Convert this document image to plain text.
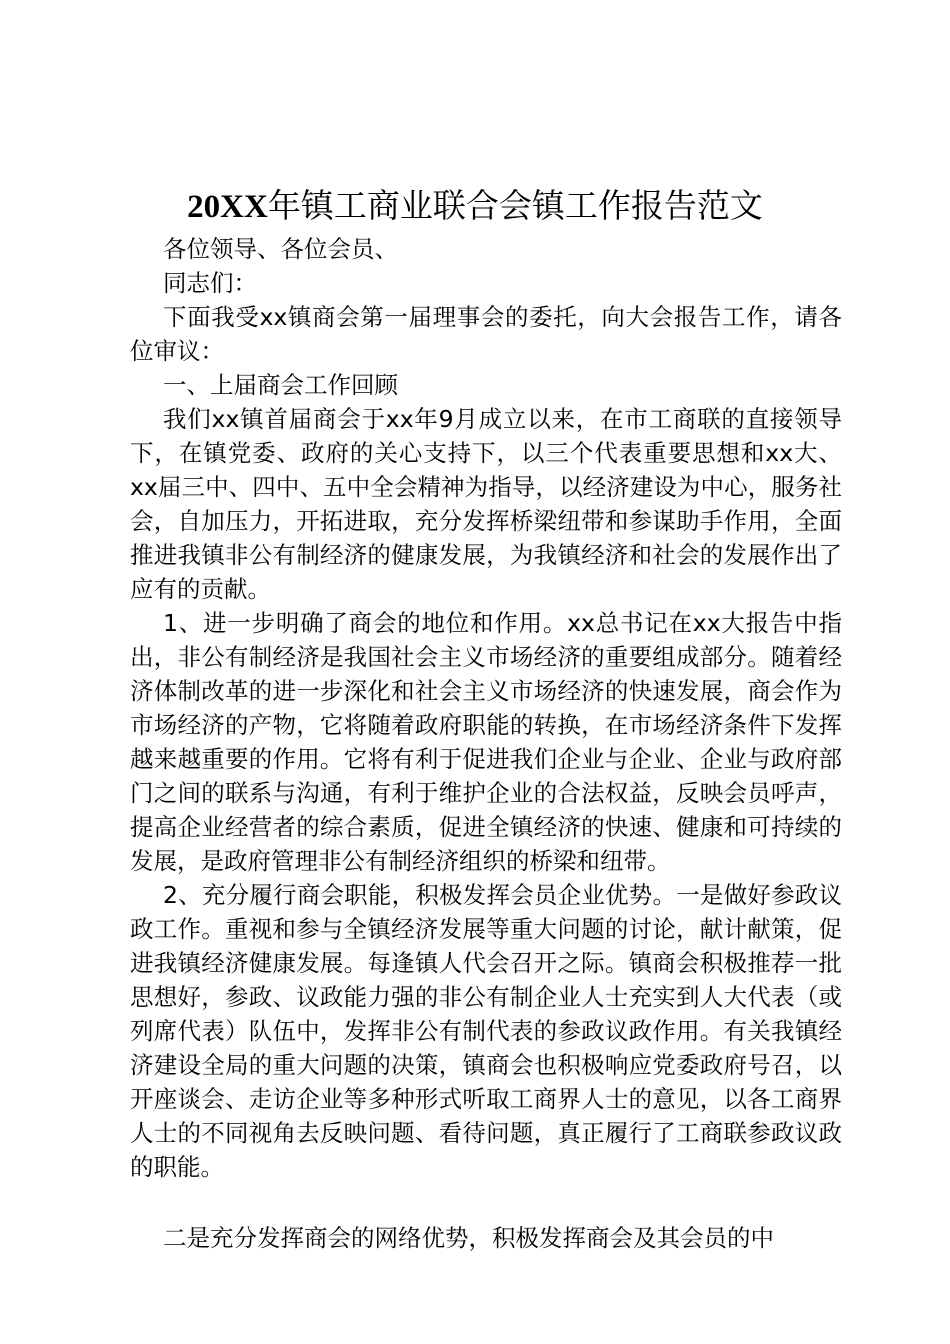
20XX年镇工商业联合会镇工作报告范文

各位领导、各位会员、

同志们：

下面我受xx镇商会第一届理事会的委托，向大会报告工作，请各位审议：

一、上届商会工作回顾

我们xx镇首届商会于xx年9月成立以来，在市工商联的直接领导下，在镇党委、政府的关心支持下，以三个代表重要思想和xx大、xx届三中、四中、五中全会精神为指导，以经济建设为中心，服务社会，自加压力，开拓进取，充分发挥桥梁纽带和参谋助手作用，全面推进我镇非公有制经济的健康发展，为我镇经济和社会的发展作出了应有的贡献。

1、进一步明确了商会的地位和作用。xx总书记在xx大报告中指出，非公有制经济是我国社会主义市场经济的重要组成部分。随着经济体制改革的进一步深化和社会主义市场经济的快速发展，商会作为市场经济的产物，它将随着政府职能的转换，在市场经济条件下发挥越来越重要的作用。它将有利于促进我们企业与企业、企业与政府部门之间的联系与沟通，有利于维护企业的合法权益，反映会员呼声，提高企业经营者的综合素质，促进全镇经济的快速、健康和可持续的发展，是政府管理非公有制经济组织的桥梁和纽带。

2、充分履行商会职能，积极发挥会员企业优势。一是做好参政议政工作。重视和参与全镇经济发展等重大问题的讨论，献计献策，促进我镇经济健康发展。每逢镇人代会召开之际。镇商会积极推荐一批思想好，参政、议政能力强的非公有制企业人士充实到人大代表（或列席代表）队伍中，发挥非公有制代表的参政议政作用。有关我镇经济建设全局的重大问题的决策，镇商会也积极响应党委政府号召，以开座谈会、走访企业等多种形式听取工商界人士的意见，以各工商界人士的不同视角去反映问题、看待问题，真正履行了工商联参政议政的职能。

二是充分发挥商会的网络优势，积极发挥商会及其会员的中
